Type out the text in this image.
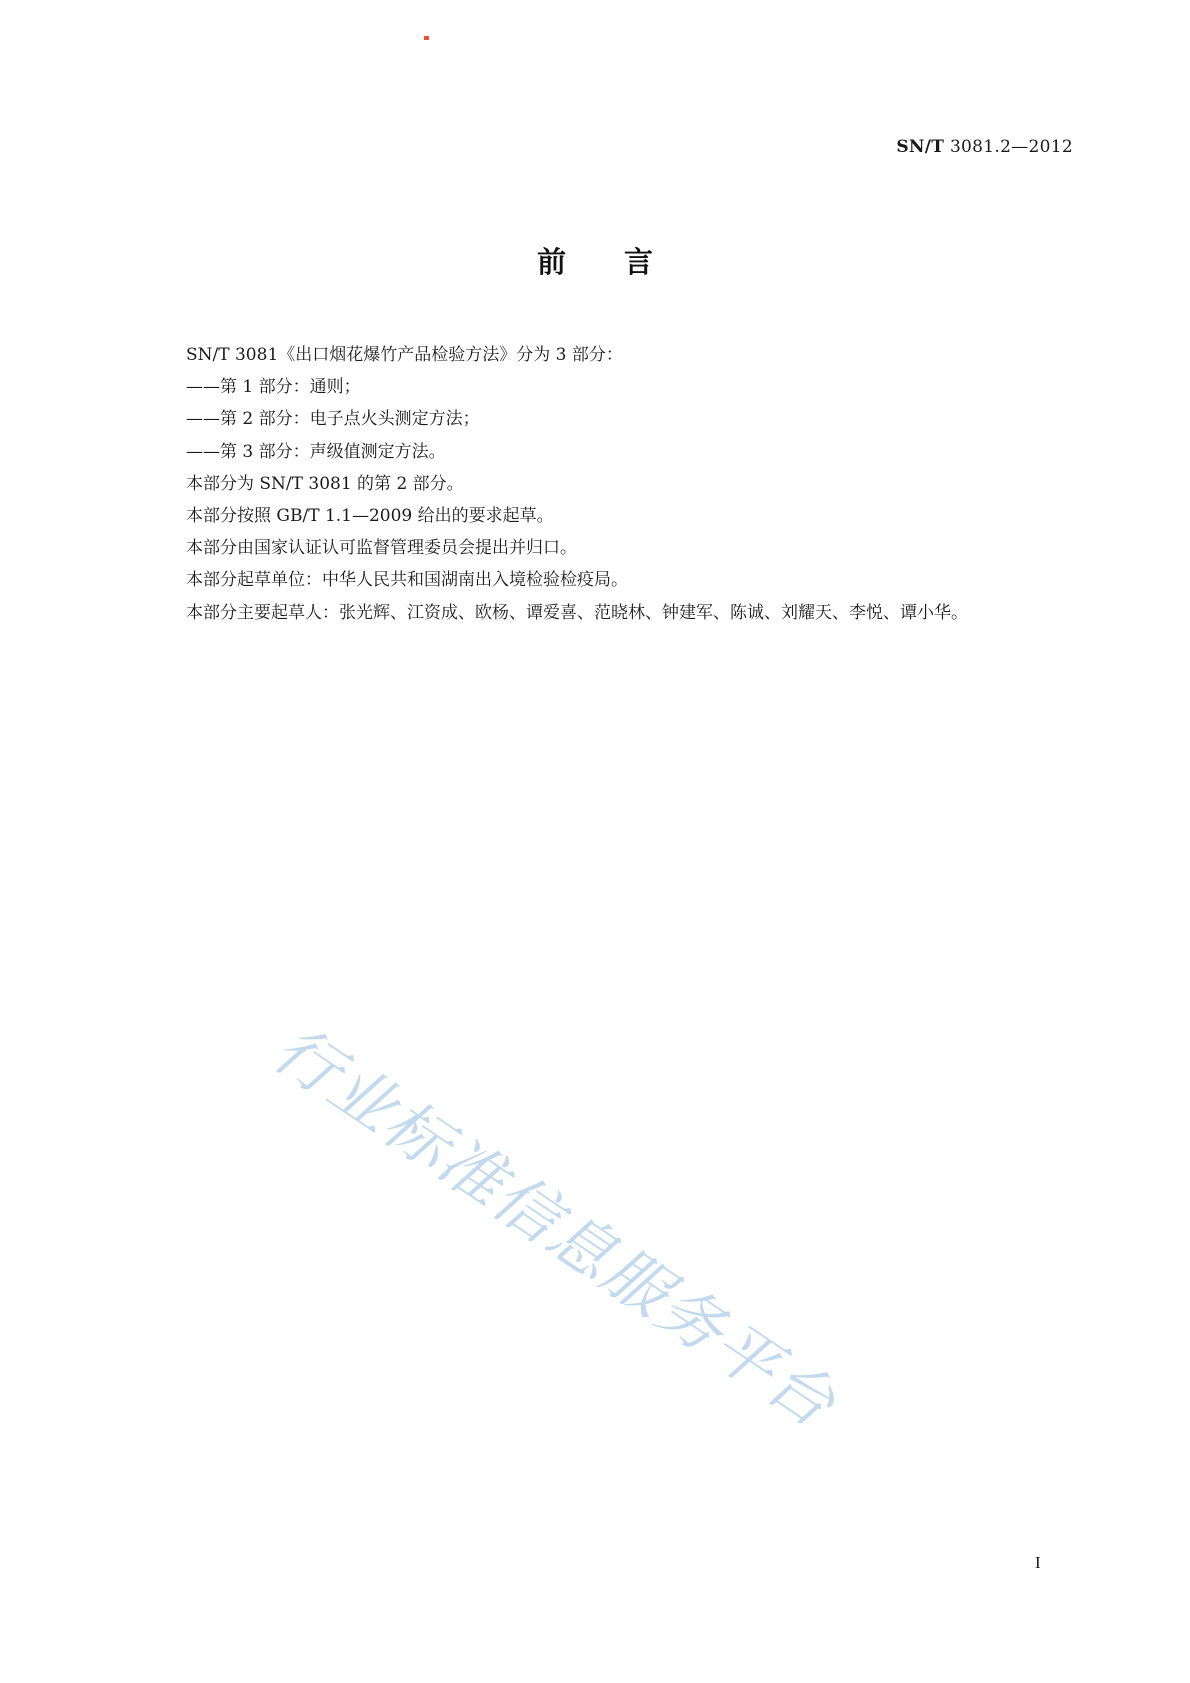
SN/T 3081.2—2012
前言
SN/T 3081《出口烟花爆竹产品检验方法》分为 3 部分：
——第 1 部分：通则；
——第 2 部分：电子点火头测定方法；
——第 3 部分：声级值测定方法。
本部分为 SN/T 3081 的第 2 部分。
本部分按照 GB/T 1.1—2009 给出的要求起草。
本部分由国家认证认可监督管理委员会提出并归口。
本部分起草单位：中华人民共和国湖南出入境检验检疫局。
本部分主要起草人：张光辉、江资成、欧杨、谭爱喜、范晓林、钟建军、陈诚、刘耀天、李悦、谭小华。
行业标准信息服务平台
I
